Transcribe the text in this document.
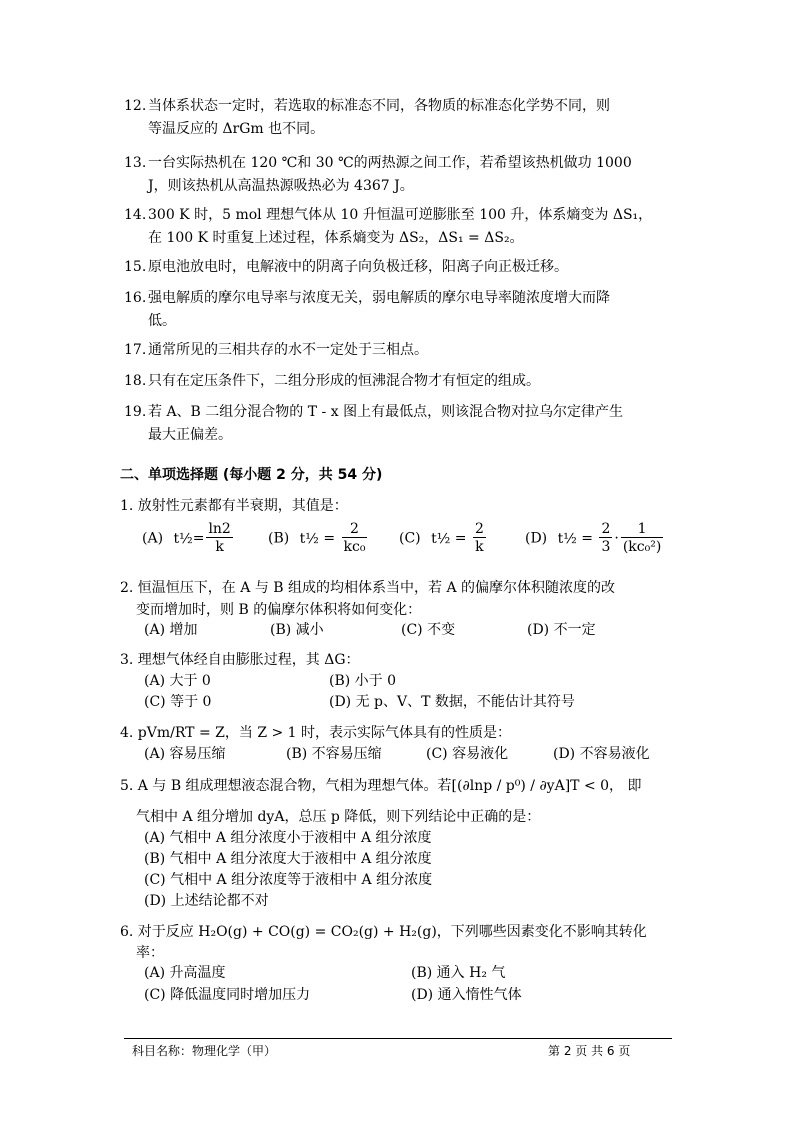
12. 当体系状态一定时，若选取的标准态不同，各物质的标准态化学势不同，则
等温反应的 ΔrGm 也不同。
13. 一台实际热机在 120 ℃和 30 ℃的两热源之间工作，若希望该热机做功 1000
J，则该热机从高温热源吸热必为 4367 J。
14. 300 K 时，5 mol 理想气体从 10 升恒温可逆膨胀至 100 升，体系熵变为 ΔS₁，
在 100 K 时重复上述过程，体系熵变为 ΔS₂，ΔS₁ = ΔS₂。
15. 原电池放电时，电解液中的阴离子向负极迁移，阳离子向正极迁移。
16. 强电解质的摩尔电导率与浓度无关，弱电解质的摩尔电导率随浓度增大而降
低。
17. 通常所见的三相共存的水不一定处于三相点。
18. 只有在定压条件下，二组分形成的恒沸混合物才有恒定的组成。
19. 若 A、B 二组分混合物的 T - x 图上有最低点，则该混合物对拉乌尔定律产生
最大正偏差。
二、单项选择题 (每小题 2 分，共 54 分)
1. 放射性元素都有半衰期，其值是：
(A) t½= $\frac{\ln 2}{k}$	(B) t½ = $\frac{2}{\text{kc₀}} (C)$ t½ = $\frac{2}{k}$	(D) t½ = $\frac{2}{3} \cdot \frac{1}{\text{(kc₀²)}}$
2. 恒温恒压下，在 A 与 B 组成的均相体系当中，若 A 的偏摩尔体积随浓度的改
变而增加时，则 B 的偏摩尔体积将如何变化：
(A) 增加	(B) 减小	(C) 不变	(D) 不一定
3. 理想气体经自由膨胀过程，其 ΔG：
(A) 大于 0	(B) 小于 0
(C) 等于 0	(D) 无 p、V、T 数据，不能估计其符号
4. pVm/RT = Z，当 Z > 1 时，表示实际气体具有的性质是：
(A) 容易压缩	(B) 不容易压缩	(C) 容易液化	(D) 不容易液化
5. A 与 B 组成理想液态混合物，气相为理想气体。若[(∂lnp / p⁰) / ∂yA]T < 0， 即
气相中 A 组分增加 dyA，总压 p 降低，则下列结论中正确的是：
(A) 气相中 A 组分浓度小于液相中 A 组分浓度
(B) 气相中 A 组分浓度大于液相中 A 组分浓度
(C) 气相中 A 组分浓度等于液相中 A 组分浓度
(D) 上述结论都不对
6. 对于反应 H₂O(g) + CO(g) = CO₂(g) + H₂(g)，下列哪些因素变化不影响其转化
率：
(A) 升高温度	(B) 通入 H₂ 气
(C) 降低温度同时增加压力	(D) 通入惰性气体
科目名称：物理化学（甲）	第 2 页 共 6 页
